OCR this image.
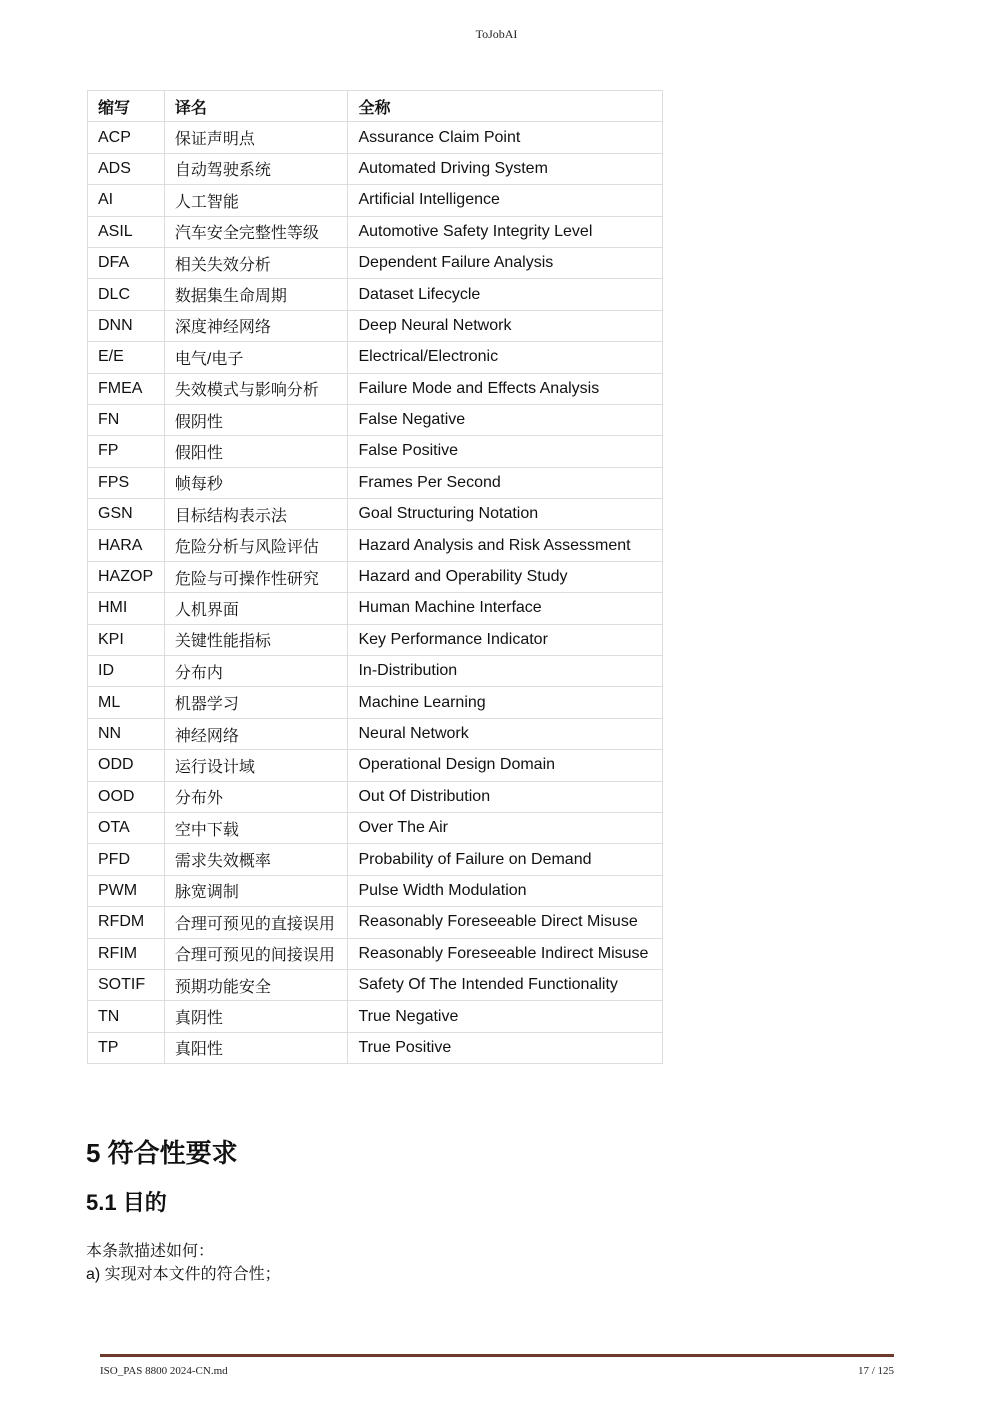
ToJobAI
缩写	译名	全称
ACP	保证声明点	Assurance Claim Point
ADS	自动驾驶系统	Automated Driving System
AI	人工智能	Artificial Intelligence
ASIL	汽车安全完整性等级	Automotive Safety Integrity Level
DFA	相关失效分析	Dependent Failure Analysis
DLC	数据集生命周期	Dataset Lifecycle
DNN	深度神经网络	Deep Neural Network
E/E	电气/电子	Electrical/Electronic
FMEA	失效模式与影响分析	Failure Mode and Effects Analysis
FN	假阴性	False Negative
FP	假阳性	False Positive
FPS	帧每秒	Frames Per Second
GSN	目标结构表示法	Goal Structuring Notation
HARA	危险分析与风险评估	Hazard Analysis and Risk Assessment
HAZOP	危险与可操作性研究	Hazard and Operability Study
HMI	人机界面	Human Machine Interface
KPI	关键性能指标	Key Performance Indicator
ID	分布内	In-Distribution
ML	机器学习	Machine Learning
NN	神经网络	Neural Network
ODD	运行设计域	Operational Design Domain
OOD	分布外	Out Of Distribution
OTA	空中下载	Over The Air
PFD	需求失效概率	Probability of Failure on Demand
PWM	脉宽调制	Pulse Width Modulation
RFDM	合理可预见的直接误用	Reasonably Foreseeable Direct Misuse
RFIM	合理可预见的间接误用	Reasonably Foreseeable Indirect Misuse
SOTIF	预期功能安全	Safety Of The Intended Functionality
TN	真阴性	True Negative
TP	真阳性	True Positive
5 符合性要求
5.1 目的

本条款描述如何：

a) 实现对本文件的符合性；

ISO_PAS 8800 2024-CN.md	17 / 125
